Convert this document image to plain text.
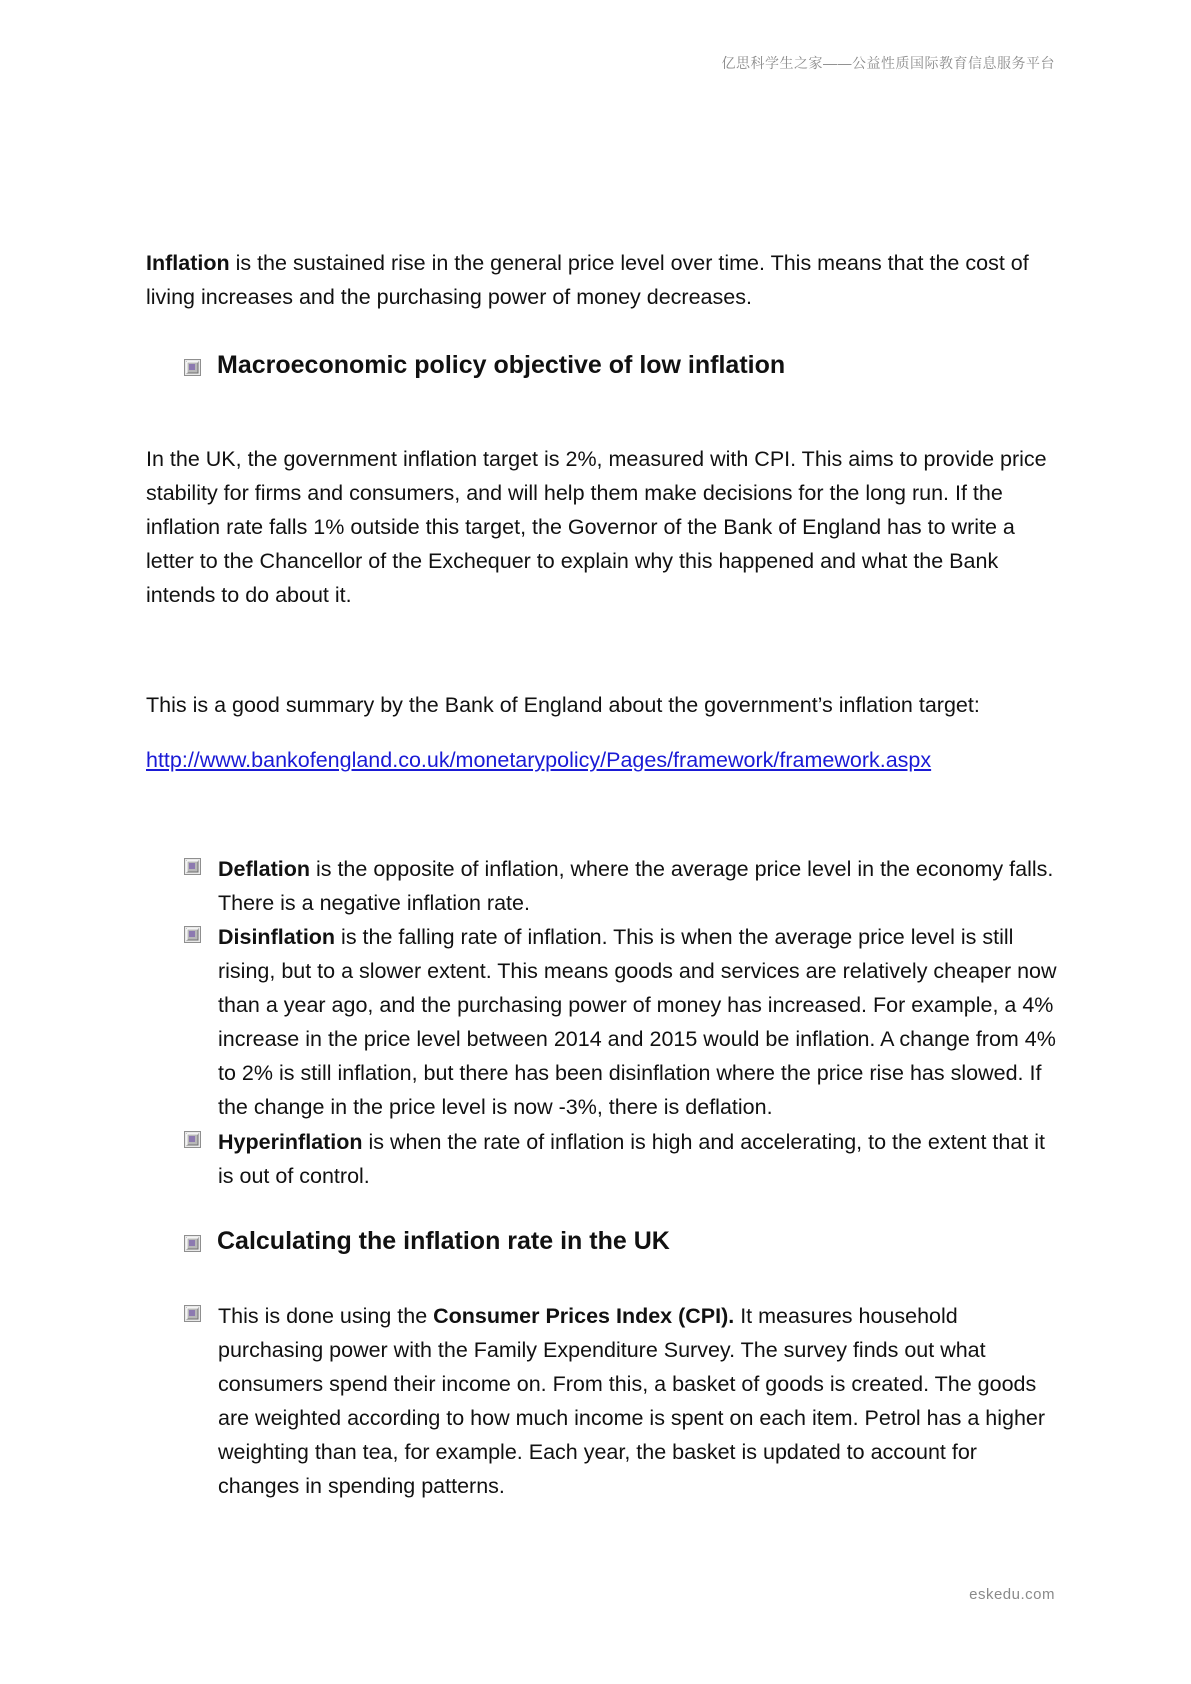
亿思科学生之家——公益性质国际教育信息服务平台
Inflation is the sustained rise in the general price level over time. This means that the cost of living increases and the purchasing power of money decreases.
Macroeconomic policy objective of low inflation
In the UK, the government inflation target is 2%, measured with CPI. This aims to provide price stability for firms and consumers, and will help them make decisions for the long run. If the inflation rate falls 1% outside this target, the Governor of the Bank of England has to write a letter to the Chancellor of the Exchequer to explain why this happened and what the Bank intends to do about it.
This is a good summary by the Bank of England about the government’s inflation target:
http://www.bankofengland.co.uk/monetarypolicy/Pages/framework/framework.aspx
Deflation is the opposite of inflation, where the average price level in the economy falls. There is a negative inflation rate.
Disinflation is the falling rate of inflation. This is when the average price level is still rising, but to a slower extent. This means goods and services are relatively cheaper now than a year ago, and the purchasing power of money has increased. For example, a 4% increase in the price level between 2014 and 2015 would be inflation. A change from 4% to 2% is still inflation, but there has been disinflation where the price rise has slowed. If the change in the price level is now -3%, there is deflation.
Hyperinflation is when the rate of inflation is high and accelerating, to the extent that it is out of control.
Calculating the inflation rate in the UK
This is done using the Consumer Prices Index (CPI). It measures household purchasing power with the Family Expenditure Survey. The survey finds out what consumers spend their income on. From this, a basket of goods is created. The goods are weighted according to how much income is spent on each item. Petrol has a higher weighting than tea, for example. Each year, the basket is updated to account for changes in spending patterns.
eskedu.com
